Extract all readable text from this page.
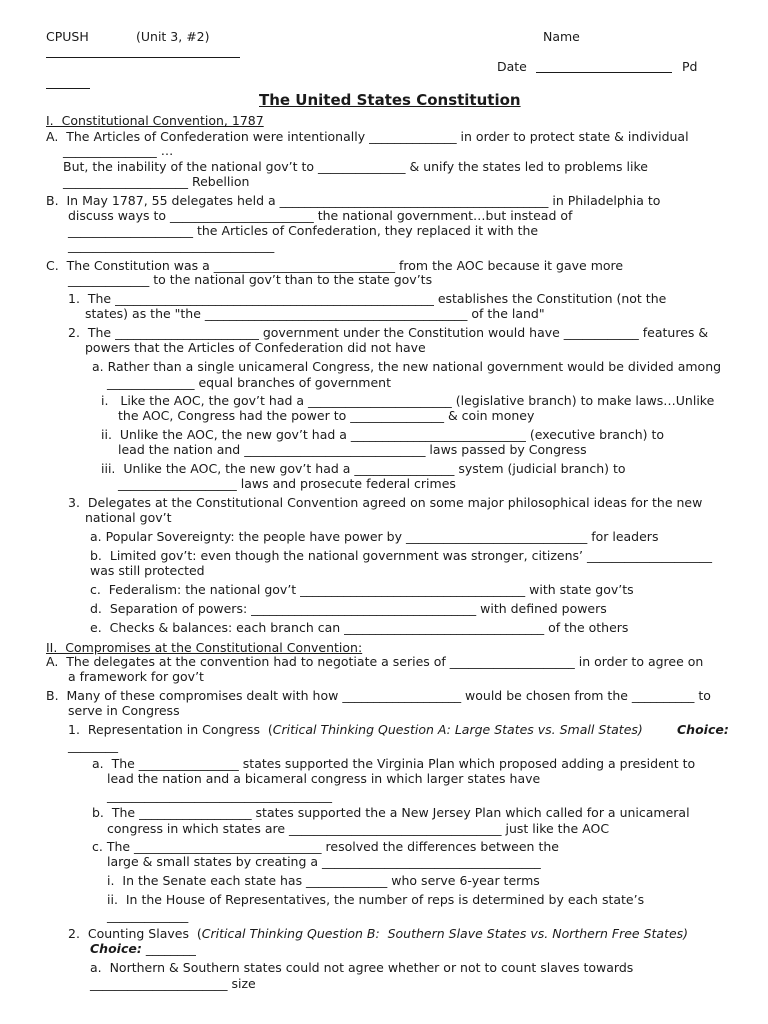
CPUSH	(Unit 3, #2)	Name
Date	Pd
The United States Constitution
I.  Constitutional Convention, 1787
A.  The Articles of Confederation were intentionally ______________ in order to protect state & individual
_______________ …
But, the inability of the national gov’t to ______________ & unify the states led to problems like
____________________ Rebellion
B.  In May 1787, 55 delegates held a ___________________________________________ in Philadelphia to
discuss ways to _______________________ the national government…but instead of
____________________ the Articles of Confederation, they replaced it with the
_________________________________
C.  The Constitution was a _____________________________ from the AOC because it gave more
_____________ to the national gov’t than to the state gov’ts
1.  The ___________________________________________________ establishes the Constitution (not the
states) as the "the __________________________________________ of the land"
2.  The _______________________ government under the Constitution would have ____________ features &
powers that the Articles of Confederation did not have
a. Rather than a single unicameral Congress, the new national government would be divided among
______________ equal branches of government
i.   Like the AOC, the gov’t had a _______________________ (legislative branch) to make laws…Unlike
the AOC, Congress had the power to _______________ & coin money
ii.  Unlike the AOC, the new gov’t had a ____________________________ (executive branch) to
lead the nation and _____________________________ laws passed by Congress
iii.  Unlike the AOC, the new gov’t had a ________________ system (judicial branch) to
___________________ laws and prosecute federal crimes
3.  Delegates at the Constitutional Convention agreed on some major philosophical ideas for the new
national gov’t
a. Popular Sovereignty: the people have power by _____________________________ for leaders
b.  Limited gov’t: even though the national government was stronger, citizens’ ____________________
was still protected
c.  Federalism: the national gov’t ____________________________________ with state gov’ts
d.  Separation of powers: ____________________________________ with defined powers
e.  Checks & balances: each branch can ________________________________ of the others
II.  Compromises at the Constitutional Convention:
A.  The delegates at the convention had to negotiate a series of ____________________ in order to agree on
a framework for gov’t
B.  Many of these compromises dealt with how ___________________ would be chosen from the __________ to
serve in Congress
1.  Representation in Congress  (Critical Thinking Question A: Large States vs. Small States)	Choice:
________
a.  The ________________ states supported the Virginia Plan which proposed adding a president to
lead the nation and a bicameral congress in which larger states have
____________________________________
b.  The __________________ states supported the a New Jersey Plan which called for a unicameral
congress in which states are __________________________________ just like the AOC
c. The ______________________________ resolved the differences between the
large & small states by creating a ___________________________________
i.  In the Senate each state has _____________ who serve 6-year terms
ii.  In the House of Representatives, the number of reps is determined by each state’s
_____________
2.  Counting Slaves  (Critical Thinking Question B:  Southern Slave States vs. Northern Free States)
Choice: ________
a.  Northern & Southern states could not agree whether or not to count slaves towards
______________________ size
